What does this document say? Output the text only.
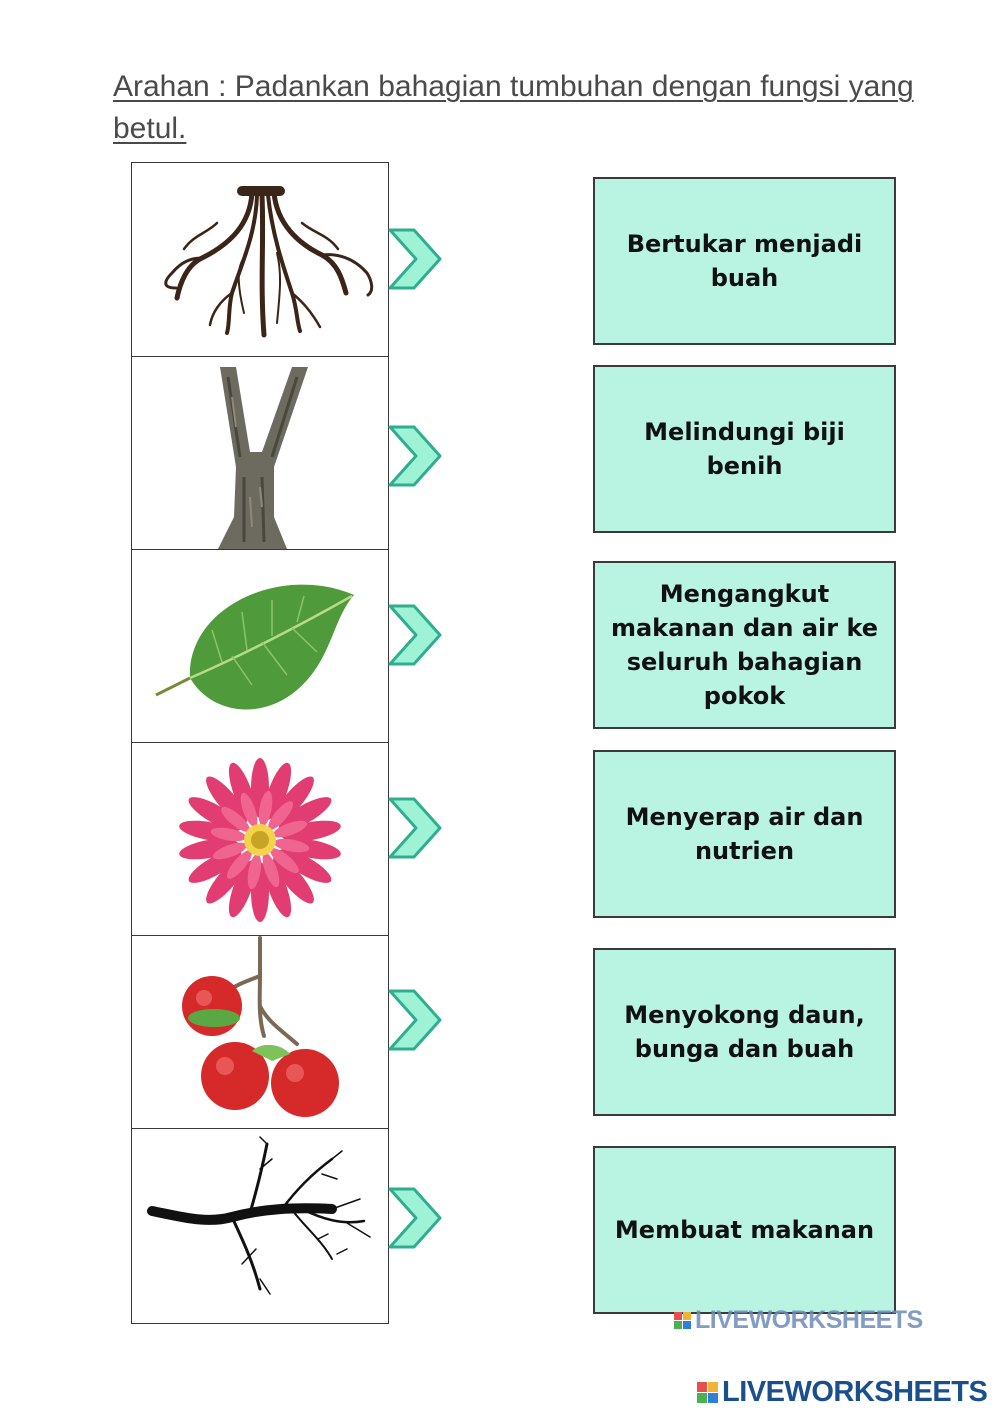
Arahan : Padankan bahagian tumbuhan dengan fungsi yang betul.

Bertukar menjadi buah
Melindungi biji benih
Mengangkut makanan dan air ke seluruh bahagian pokok
Menyerap air dan nutrien
Menyokong daun, bunga dan buah
Membuat makanan
LIVEWORKSHEETS
LIVEWORKSHEETS
